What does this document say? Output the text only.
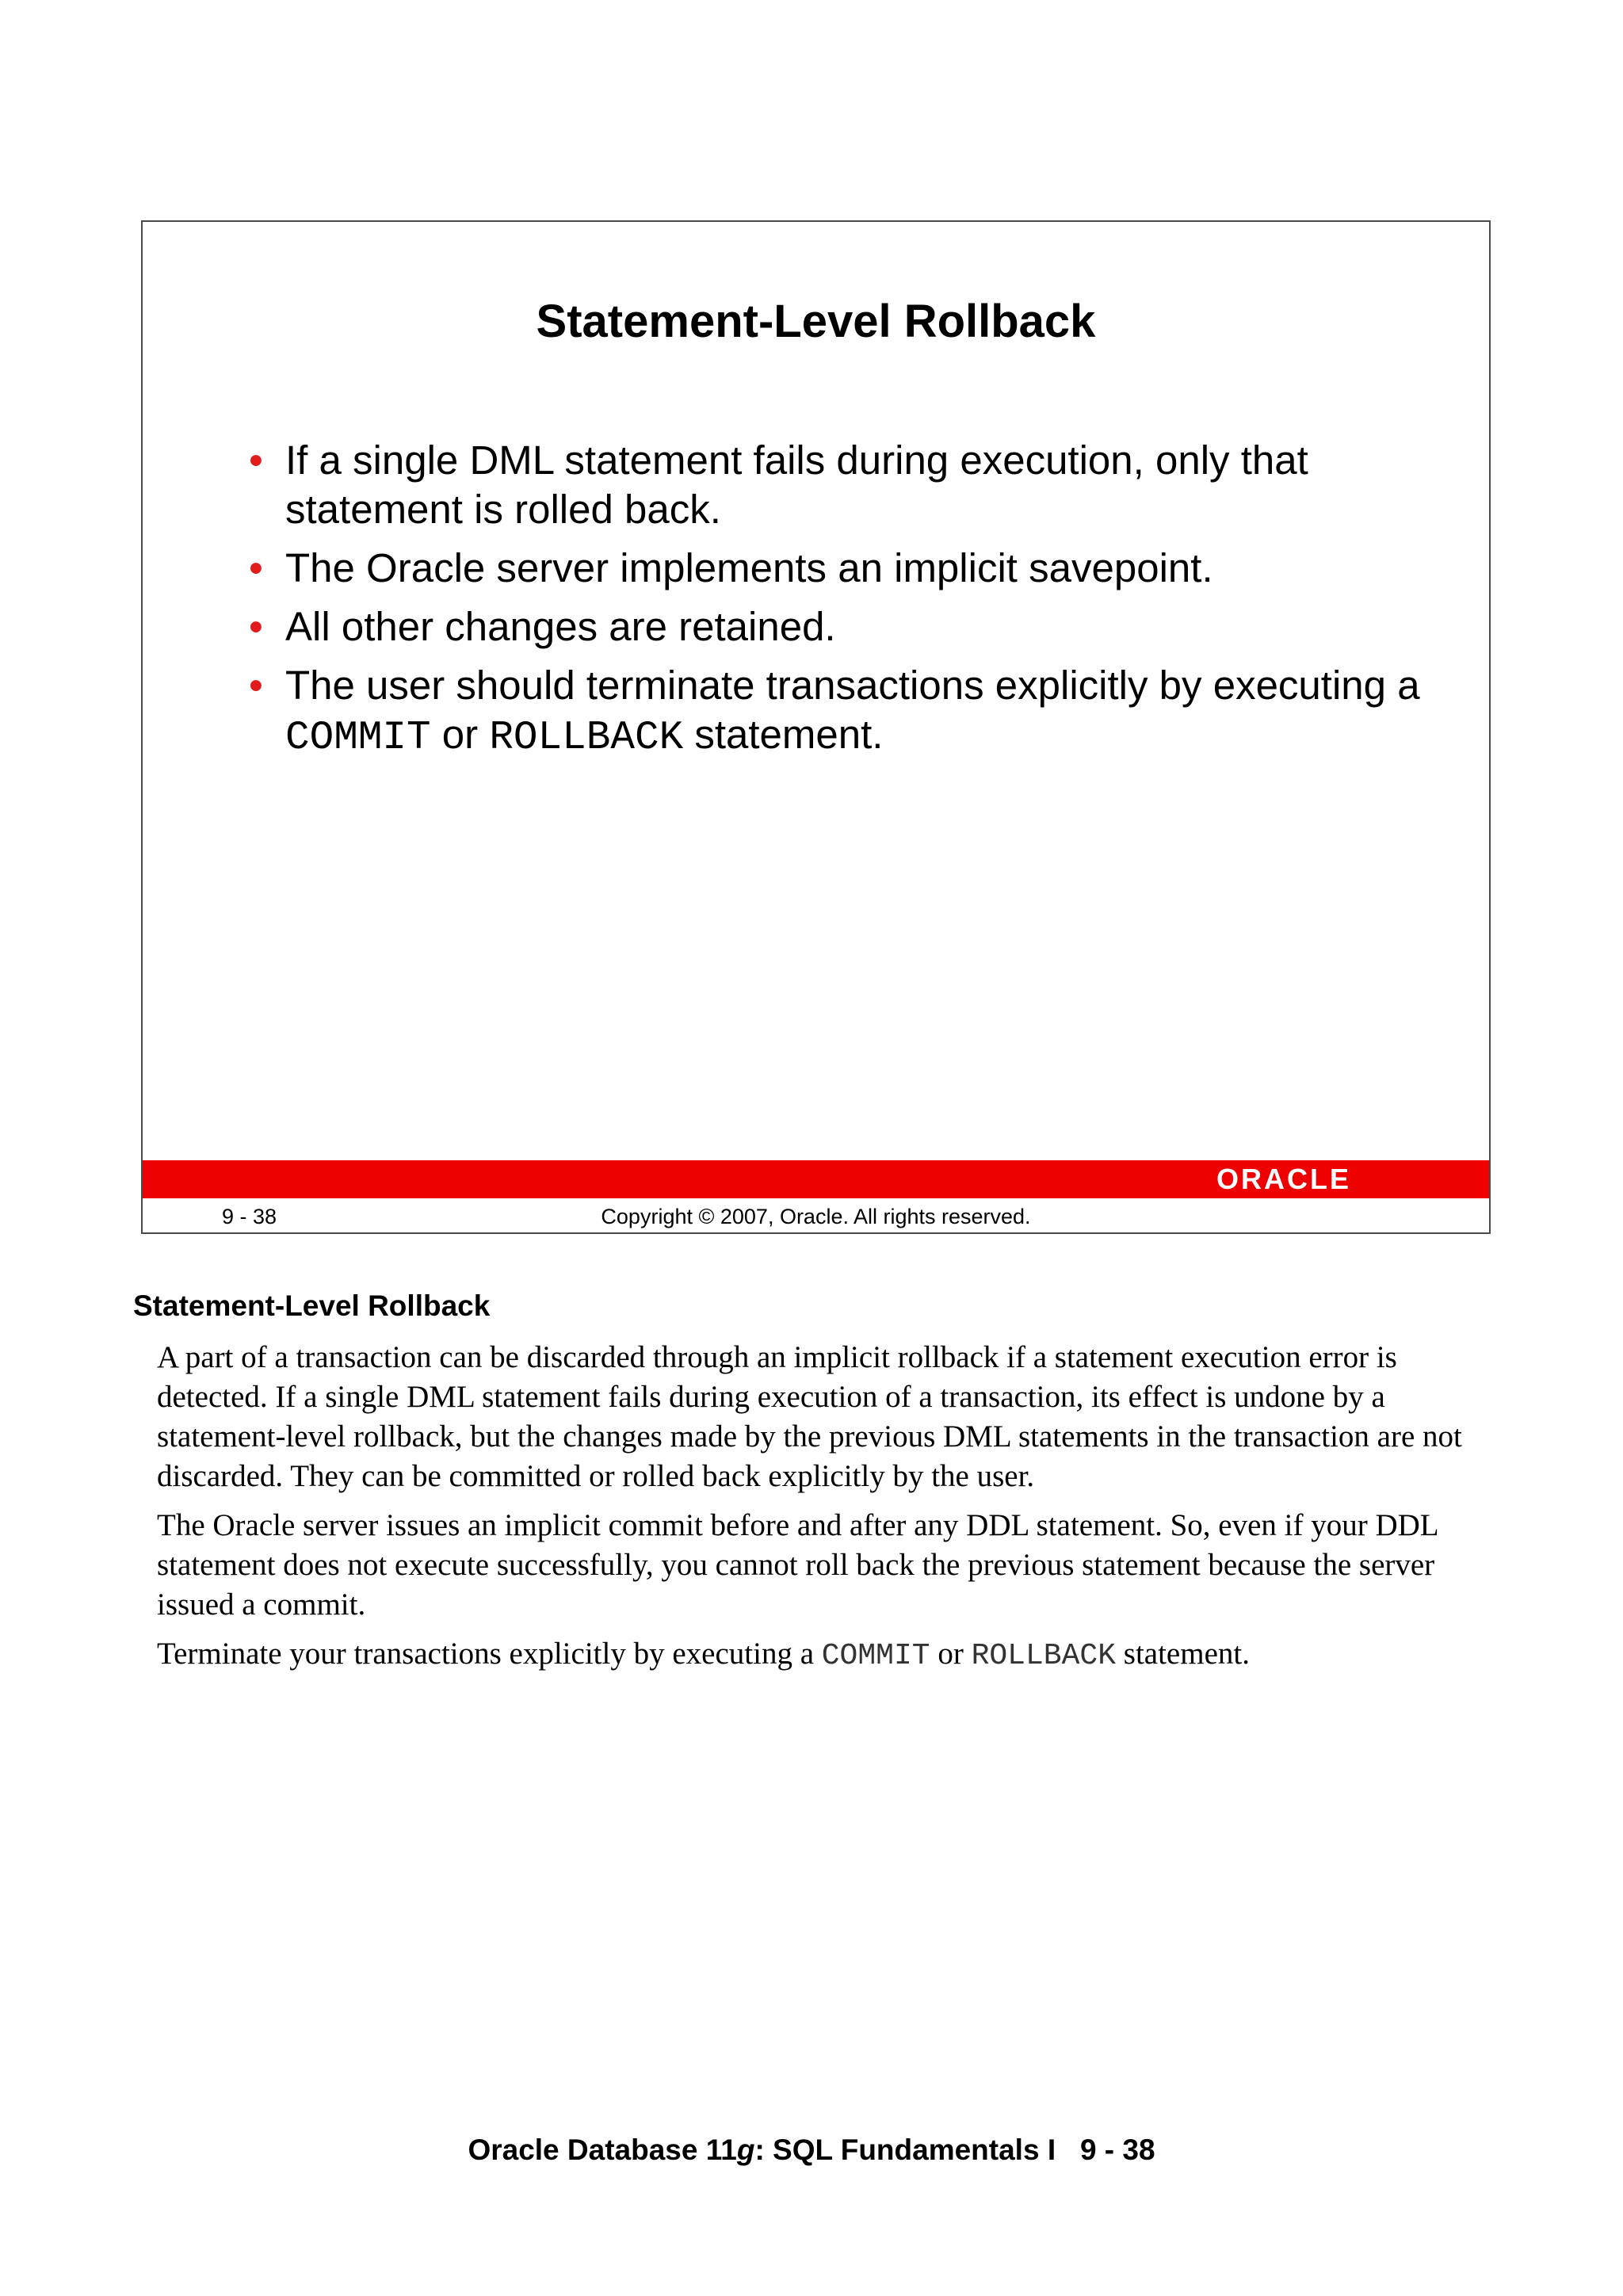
Statement-Level Rollback
• If a single DML statement fails during execution, only that statement is rolled back.
• The Oracle server implements an implicit savepoint.
• All other changes are retained.
• The user should terminate transactions explicitly by executing a COMMIT or ROLLBACK statement.
ORACLE
9 - 38	Copyright © 2007, Oracle. All rights reserved.
Statement-Level Rollback

A part of a transaction can be discarded through an implicit rollback if a statement execution error is detected. If a single DML statement fails during execution of a transaction, its effect is undone by a statement-level rollback, but the changes made by the previous DML statements in the transaction are not discarded. They can be committed or rolled back explicitly by the user.

The Oracle server issues an implicit commit before and after any DDL statement. So, even if your DDL statement does not execute successfully, you cannot roll back the previous statement because the server issued a commit.

Terminate your transactions explicitly by executing a COMMIT or ROLLBACK statement.

Oracle Database 11g: SQL Fundamentals I   9 - 38
